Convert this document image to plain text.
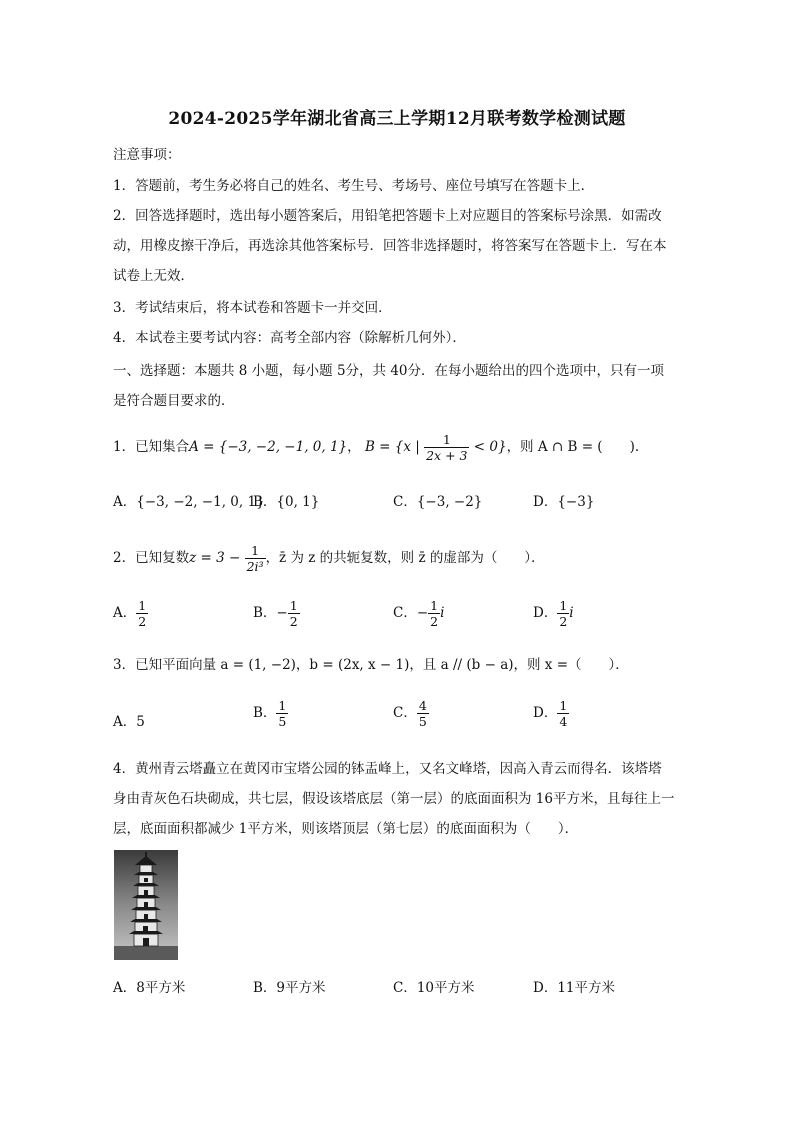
2024-2025学年湖北省高三上学期12月联考数学检测试题
注意事项：
1．答题前，考生务必将自己的姓名、考生号、考场号、座位号填写在答题卡上．
2．回答选择题时，选出每小题答案后，用铅笔把答题卡上对应题目的答案标号涂黑．如需改
动，用橡皮擦干净后，再选涂其他答案标号．回答非选择题时，将答案写在答题卡上．写在本
试卷上无效．
3．考试结束后，将本试卷和答题卡一并交回．
4．本试卷主要考试内容：高考全部内容（除解析几何外）．
一、选择题：本题共 8 小题，每小题 5分，共 40分．在每小题给出的四个选项中，只有一项
是符合题目要求的．
1．已知集合A = {−3, −2, −1, 0, 1}， B = {x | $\frac{1}{2x + 3} < 0$}，则 A ∩ B = (　　)．
A．{−3, −2, −1, 0, 1}
B．{0, 1}	C．{−3, −2}	D．{−3}
2．已知复数$z = 3 - \frac{1}{\text{2i³}}$ ，z̄ 为 z 的共轭复数，则 z̄ 的虚部为（　　）．
A． $\frac{1}{2}$	B．− $\frac{1}{2}$	C．− $\frac{1}{2}$ i	D． $\frac{1}{2}$ i
3．已知平面向量 a = (1, −2)，b = (2x, x − 1)，且 a // (b − a)，则 x =（　　）．
A．5
B． $\frac{1}{5}$	C． $\frac{4}{5}$	D． $\frac{1}{4}$
4．黄州青云塔矗立在黄冈市宝塔公园的钵盂峰上，又名文峰塔，因高入青云而得名．该塔塔
身由青灰色石块砌成，共七层，假设该塔底层（第一层）的底面面积为 16平方米，且每往上一
层，底面面积都减少 1平方米，则该塔顶层（第七层）的底面面积为（　　）．
A．8平方米	B．9平方米	C．10平方米	D．11平方米
